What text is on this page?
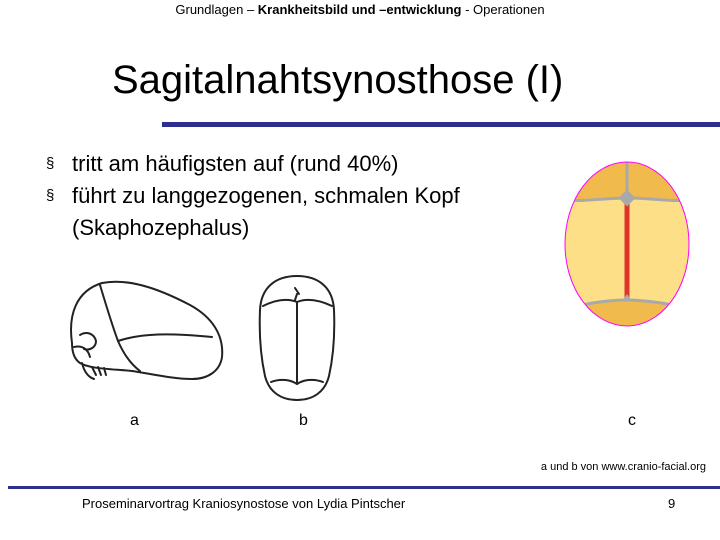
Grundlagen – Krankheitsbild und –entwicklung - Operationen
Sagitalnahtsynosthose (I)
§ tritt am häufigsten auf (rund 40%)
§ führt zu langgezogenen, schmalen Kopf (Skaphozephalus)
a	b	c
a und b von www.cranio-facial.org
Proseminarvortrag Kraniosynostose von Lydia Pintscher	9
